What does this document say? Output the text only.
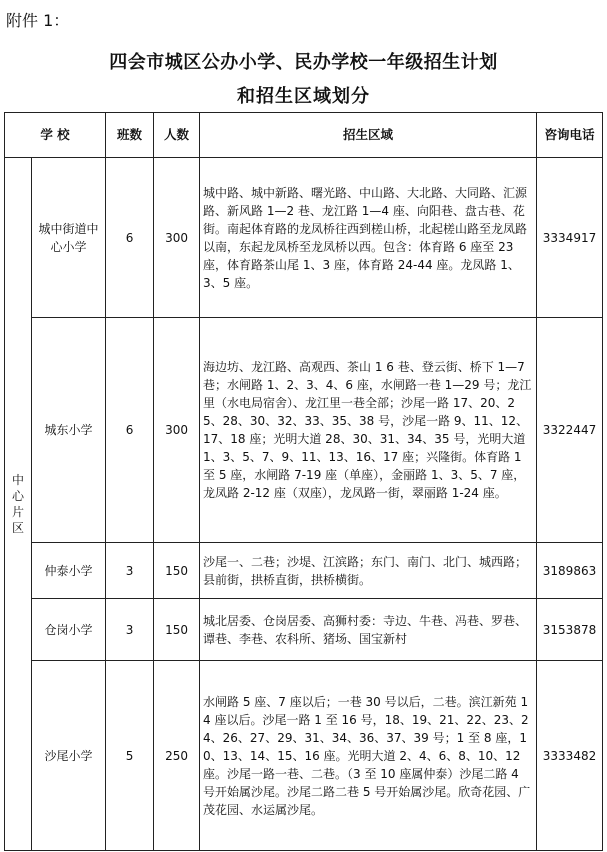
附件 1：
四会市城区公办小学、民办学校一年级招生计划
和招生区域划分
学 校		班数	人数	招生区域	咨询电话

中心片区	城中街道中心小学	6	300	城中路、城中新路、曙光路、中山路、大北路、大同路、汇源路、新风路 1—2 巷、龙江路 1—4 座、向阳巷、盘古巷、花街。南起体育路的龙凤桥往西到槎山桥，北起槎山路至龙凤路以南，东起龙凤桥至龙凤桥以西。包含：体育路 6 座至 23 座，体育路茶山尾 1、3 座，体育路 24-44 座。龙凤路 1、3、5 座。	3334917
	城东小学	6	300	海边坊、龙江路、高观西、茶山 1 6 巷、登云街、桥下 1—7 巷；水闸路 1、2、3、4、6 座，水闸路一巷 1—29 号；龙江里（水电局宿舍）、龙江里一巷全部；沙尾一路 17、20、25、28、30、32、33、35、38 号，沙尾一路 9、11、12、17、18 座；光明大道 28、30、31、34、35 号，光明大道 1、3、5、7、9、11、13、16、17 座；兴隆街。体育路 1 至 5 座，水闸路 7-19 座（单座），金丽路 1、3、5、7 座，龙凤路 2-12 座（双座），龙凤路一街，翠丽路 1-24 座。	3322447
	仲泰小学	3	150	沙尾一、二巷；沙堤、江滨路；东门、南门、北门、城西路；县前街，拱桥直街，拱桥横街。	3189863
	仓岗小学	3	150	城北居委、仓岗居委、高狮村委：寺边、牛巷、冯巷、罗巷、谭巷、李巷、农科所、猪场、国宝新村	3153878
	沙尾小学	5	250	水闸路 5 座、7 座以后；一巷 30 号以后，二巷。滨江新苑 14 座以后。沙尾一路 1 至 16 号，18、19、21、22、23、24、26、27、29、31、34、36、37、39 号；1 至 8 座，10、13、14、15、16 座。光明大道 2、4、6、8、10、12 座。沙尾一路一巷、二巷。（3 至 10 座属仲泰）沙尾二路 4 号开始属沙尾。沙尾二路二巷 5 号开始属沙尾。欣奇花园、广茂花园、水运属沙尾。	3333482
